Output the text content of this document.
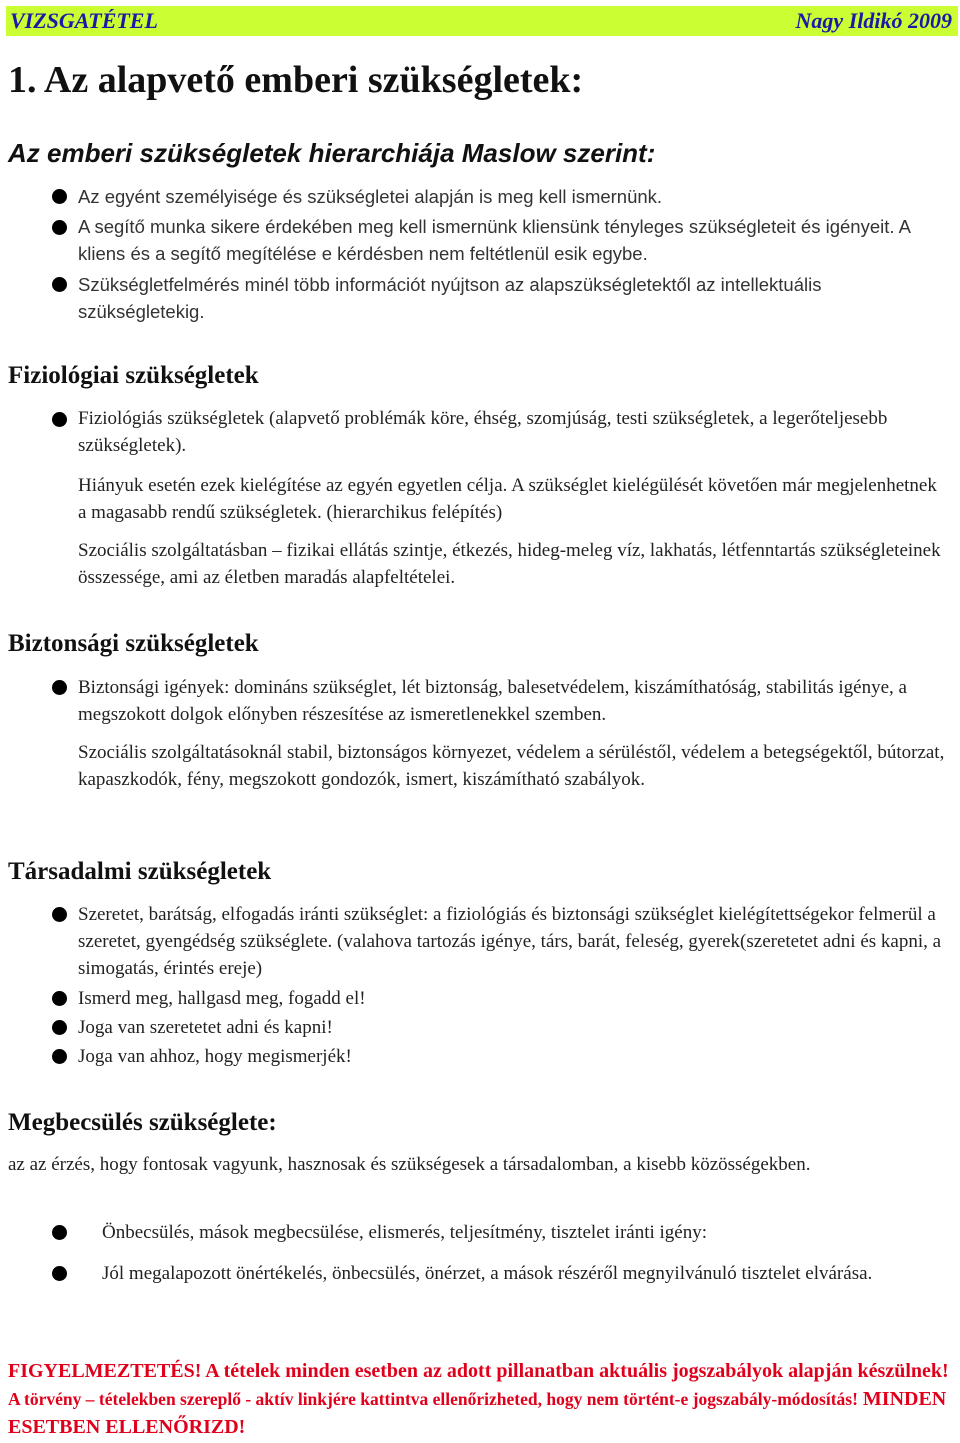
VIZSGATÉTEL	Nagy Ildikó 2009
1. Az alapvető emberi szükségletek:
Az emberi szükségletek hierarchiája Maslow szerint:

Az egyént személyisége és szükségletei alapján is meg kell ismernünk.

A segítő munka sikere érdekében meg kell ismernünk kliensünk tényleges szükségleteit és igényeit. A kliens és a segítő megítélése e kérdésben nem feltétlenül esik egybe.

Szükségletfelmérés minél több információt nyújtson az alapszükségletektől az intellektuális szükségletekig.

Fiziológiai szükségletek

Fiziológiás szükségletek (alapvető problémák köre, éhség, szomjúság, testi szükségletek, a legerőteljesebb szükségletek).

Hiányuk esetén ezek kielégítése az egyén egyetlen célja. A szükséglet kielégülését követően már megjelenhetnek a magasabb rendű szükségletek. (hierarchikus felépítés)

Szociális szolgáltatásban – fizikai ellátás szintje, étkezés, hideg-meleg víz, lakhatás, létfenntartás szükségleteinek összessége, ami az életben maradás alapfeltételei.

Biztonsági szükségletek

Biztonsági igények: domináns szükséglet, lét biztonság, balesetvédelem, kiszámíthatóság, stabilitás igénye, a megszokott dolgok előnyben részesítése az ismeretlenekkel szemben.

Szociális szolgáltatásoknál stabil, biztonságos környezet, védelem a sérüléstől, védelem a betegségektől, bútorzat, kapaszkodók, fény, megszokott gondozók, ismert, kiszámítható szabályok.

Társadalmi szükségletek

Szeretet, barátság, elfogadás iránti szükséglet: a fiziológiás és biztonsági szükséglet kielégítettségekor felmerül a szeretet, gyengédség szükséglete. (valahova tartozás igénye, társ, barát, feleség, gyerek(szeretetet adni és kapni, a simogatás, érintés ereje)

Ismerd meg, hallgasd meg, fogadd el!

Joga van szeretetet adni és kapni!

Joga van ahhoz, hogy megismerjék!

Megbecsülés szükséglete:

az az érzés, hogy fontosak vagyunk, hasznosak és szükségesek a társadalomban, a kisebb közösségekben.

Önbecsülés, mások megbecsülése, elismerés, teljesítmény, tisztelet iránti igény:

Jól megalapozott önértékelés, önbecsülés, önérzet, a mások részéről megnyilvánuló tisztelet elvárása.

FIGYELMEZTETÉS! A tételek minden esetben az adott pillanatban aktuális jogszabályok alapján készülnek! A törvény – tételekben szereplő - aktív linkjére kattintva ellenőrizheted, hogy nem történt-e jogszabály-módosítás! MINDEN ESETBEN ELLENŐRIZD!
